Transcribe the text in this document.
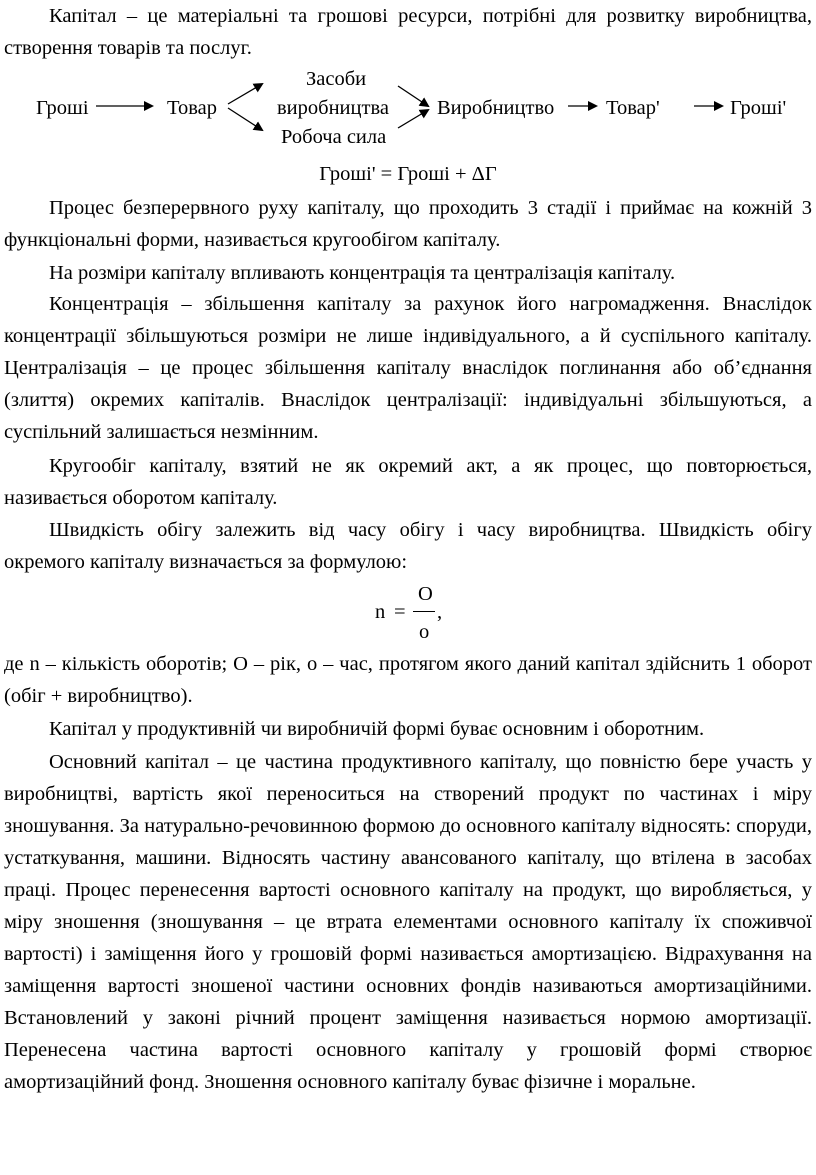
Капітал – це матеріальні та грошові ресурси, потрібні для розвитку виробництва, створення товарів та послуг.

Гроші	Товар
Засоби
виробництва
Робоча сила
Виробництво	Товар'	Гроші'
Гроші' = Гроші + ΔГ

Процес безперервного руху капіталу, що проходить 3 стадії і приймає на кожній 3 функціональні форми, називається кругообігом капіталу.

На розміри капіталу впливають концентрація та централізація капіталу.

Концентрація – збільшення капіталу за рахунок його нагромадження. Внаслідок концентрації збільшуються розміри не лише індивідуального, а й суспільного капіталу. Централізація – це процес збільшення капіталу внаслідок поглинання або об’єднання (злиття) окремих капіталів. Внаслідок централізації: індивідуальні збільшуються, а суспільний залишається незмінним.

Кругообіг капіталу, взятий не як окремий акт, а як процес, що повторюється, називається оборотом капіталу.

Швидкість обігу залежить від часу обігу і часу виробництва. Швидкість обігу окремого капіталу визначається за формулою:

n =
O
o
,

де n – кількість оборотів; O – рік, о – час, протягом якого даний капітал здійснить 1 оборот (обіг + виробництво).

Капітал у продуктивній чи виробничій формі буває основним і оборотним.

Основний капітал – це частина продуктивного капіталу, що повністю бере участь у виробництві, вартість якої переноситься на створений продукт по частинах і міру зношування. За натурально-речовинною формою до основного капіталу відносять: споруди, устаткування, машини. Відносять частину авансованого капіталу, що втілена в засобах праці. Процес перенесення вартості основного капіталу на продукт, що виробляється, у міру зношення (зношування – це втрата елементами основного капіталу їх споживчої вартості) і заміщення його у грошовій формі називається амортизацією. Відрахування на заміщення вартості зношеної частини основних фондів називаються амортизаційними. Встановлений у законі річний процент заміщення називається нормою амортизації. Перенесена частина вартості основного капіталу у грошовій формі створює амортизаційний фонд. Зношення основного капіталу буває фізичне і моральне.
